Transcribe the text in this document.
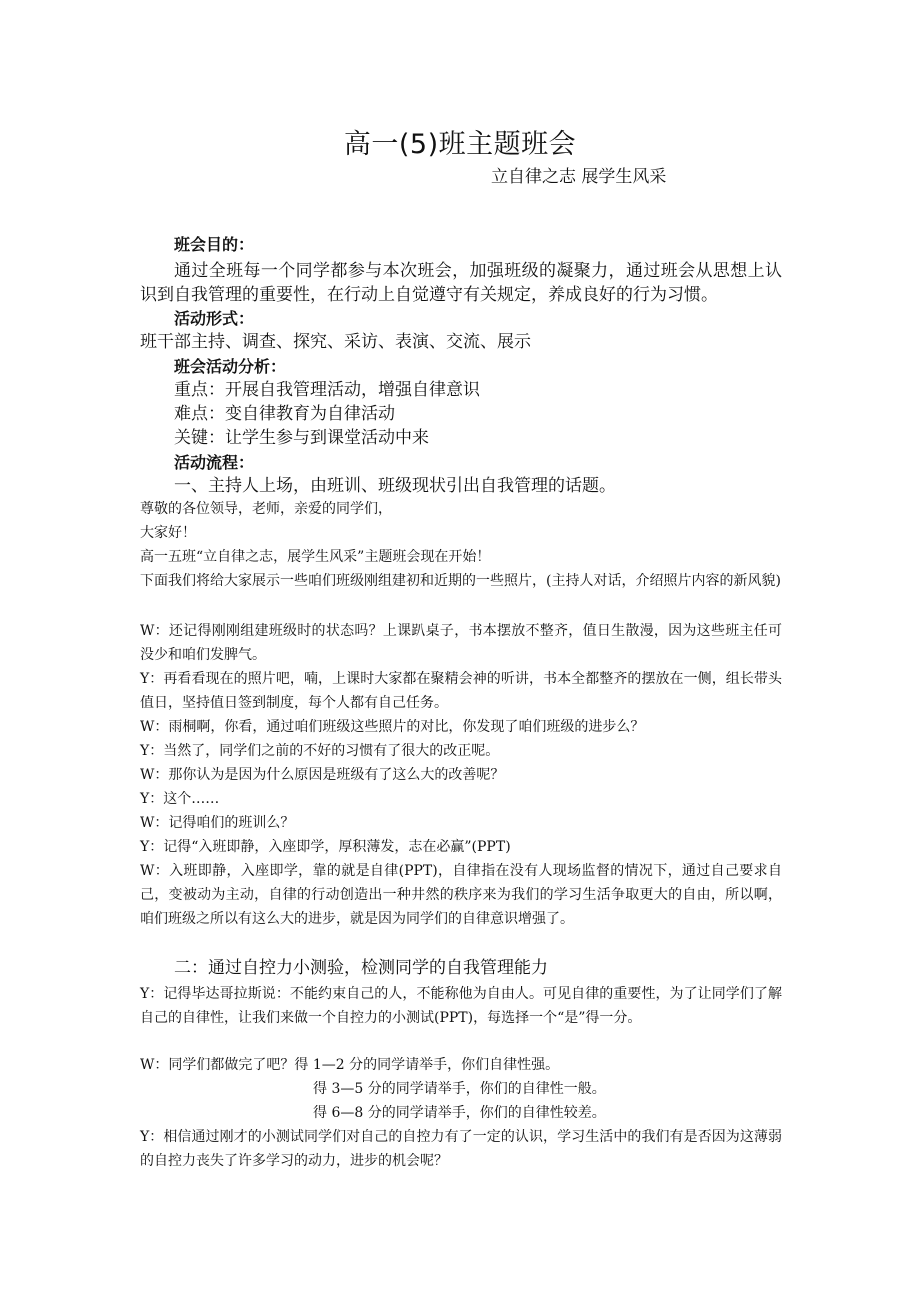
高一(5)班主题班会
立自律之志 展学生风采
班会目的：
通过全班每一个同学都参与本次班会，加强班级的凝聚力，通过班会从思想上认识到自我管理的重要性，在行动上自觉遵守有关规定，养成良好的行为习惯。
活动形式：
班干部主持、调查、探究、采访、表演、交流、展示
班会活动分析：
重点：开展自我管理活动，增强自律意识
难点：变自律教育为自律活动
关键：让学生参与到课堂活动中来
活动流程：
一、主持人上场，由班训、班级现状引出自我管理的话题。
尊敬的各位领导，老师，亲爱的同学们，
大家好！
高一五班“立自律之志，展学生风采”主题班会现在开始！
下面我们将给大家展示一些咱们班级刚组建初和近期的一些照片，(主持人对话，介绍照片内容的新风貌)
W：还记得刚刚组建班级时的状态吗？上课趴桌子，书本摆放不整齐，值日生散漫，因为这些班主任可没少和咱们发脾气。
Y：再看看现在的照片吧，喃，上课时大家都在聚精会神的听讲，书本全都整齐的摆放在一侧，组长带头值日，坚持值日签到制度，每个人都有自己任务。
W：雨桐啊，你看，通过咱们班级这些照片的对比，你发现了咱们班级的进步么？
Y：当然了，同学们之前的不好的习惯有了很大的改正呢。
W：那你认为是因为什么原因是班级有了这么大的改善呢？
Y：这个……
W：记得咱们的班训么？
Y：记得“入班即静，入座即学，厚积薄发，志在必赢”(PPT)
W：入班即静，入座即学，靠的就是自律(PPT)，自律指在没有人现场监督的情况下，通过自己要求自己，变被动为主动，自律的行动创造出一种井然的秩序来为我们的学习生活争取更大的自由，所以啊，咱们班级之所以有这么大的进步，就是因为同学们的自律意识增强了。
二：通过自控力小测验，检测同学的自我管理能力
Y：记得毕达哥拉斯说：不能约束自己的人，不能称他为自由人。可见自律的重要性，为了让同学们了解自己的自律性，让我们来做一个自控力的小测试(PPT)，每选择一个“是”得一分。
W：同学们都做完了吧？得 1—2 分的同学请举手，你们自律性强。
得 3—5 分的同学请举手，你们的自律性一般。
得 6—8 分的同学请举手，你们的自律性较差。
Y：相信通过刚才的小测试同学们对自己的自控力有了一定的认识，学习生活中的我们有是否因为这薄弱的自控力丧失了许多学习的动力，进步的机会呢？
